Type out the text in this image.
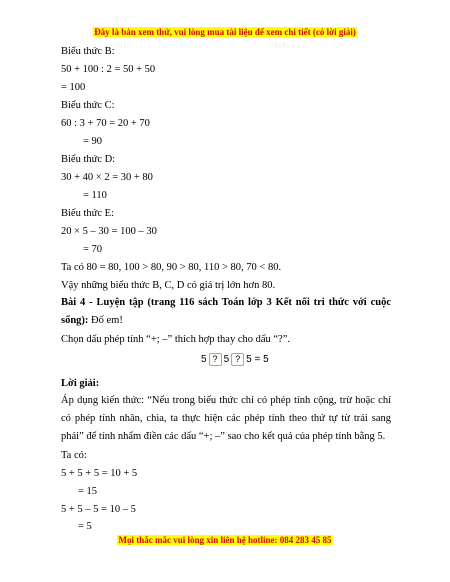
Đây là bản xem thử, vui lòng mua tài liệu để xem chi tiết (có lời giải)
Biểu thức B:
50 + 100 : 2 = 50 + 50
= 100
Biểu thức C:
60 : 3 + 70 = 20 + 70
= 90
Biểu thức D:
30 + 40 × 2 = 30 + 80
= 110
Biểu thức E:
20 × 5 – 30 = 100 – 30
= 70
Ta có 80 = 80, 100 > 80, 90 > 80, 110 > 80, 70 < 80.
Vậy những biểu thức B, C, D có giá trị lớn hơn 80.
Bài 4 - Luyện tập (trang 116 sách Toán lớp 3 Kết nối tri thức với cuộc sống): Đố em!
Chọn dấu phép tính “+; –” thích hợp thay cho dấu “?”.
5 ? 5 ? 5 = 5
Lời giải:
Áp dụng kiến thức: “Nếu trong biểu thức chỉ có phép tính cộng, trừ hoặc chỉ có phép tính nhân, chia, ta thực hiện các phép tính theo thứ tự từ trái sang phải” để tính nhẩm điền các dấu “+; –” sao cho kết quả của phép tính bằng 5.
Ta có:
5 + 5 + 5 = 10 + 5
= 15
5 + 5 – 5 = 10 – 5
= 5
Mọi thắc mắc vui lòng xin liên hệ hotline: 084 283 45 85
